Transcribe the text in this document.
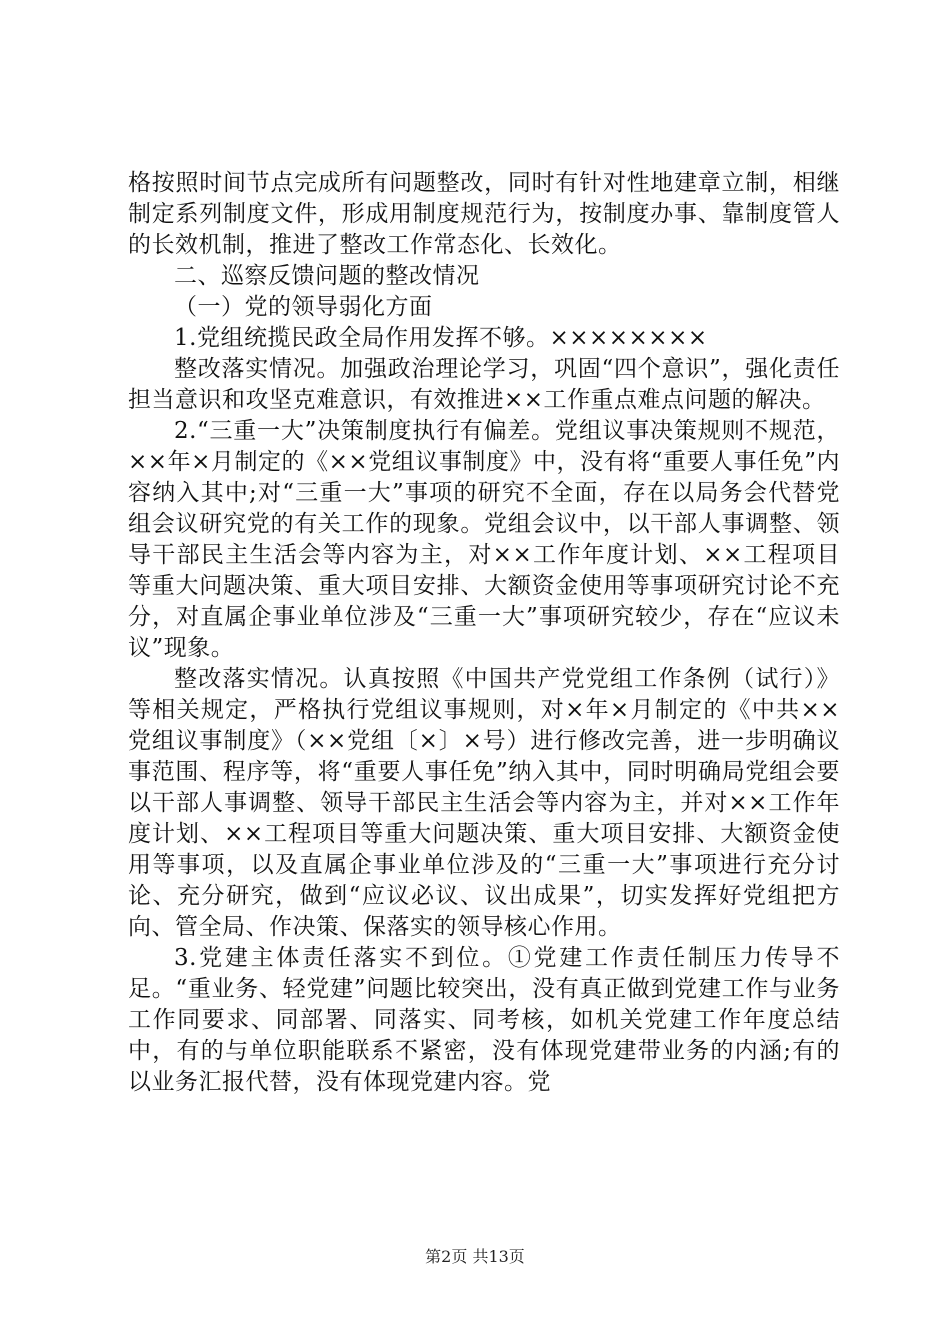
格按照时间节点完成所有问题整改，同时有针对性地建章立制，相继制定系列制度文件，形成用制度规范行为，按制度办事、靠制度管人的长效机制，推进了整改工作常态化、长效化。

二、巡察反馈问题的整改情况

（一）党的领导弱化方面

1.党组统揽民政全局作用发挥不够。××××××××

整改落实情况。加强政治理论学习，巩固“四个意识”，强化责任担当意识和攻坚克难意识，有效推进××工作重点难点问题的解决。

2.“三重一大”决策制度执行有偏差。党组议事决策规则不规范，××年×月制定的《××党组议事制度》中，没有将“重要人事任免”内容纳入其中;对“三重一大”事项的研究不全面，存在以局务会代替党组会议研究党的有关工作的现象。党组会议中，以干部人事调整、领导干部民主生活会等内容为主，对××工作年度计划、××工程项目等重大问题决策、重大项目安排、大额资金使用等事项研究讨论不充分，对直属企事业单位涉及“三重一大”事项研究较少，存在“应议未议”现象。

整改落实情况。认真按照《中国共产党党组工作条例（试行）》等相关规定，严格执行党组议事规则，对×年×月制定的《中共××党组议事制度》（××党组〔×〕×号）进行修改完善，进一步明确议事范围、程序等，将“重要人事任免”纳入其中，同时明确局党组会要以干部人事调整、领导干部民主生活会等内容为主，并对××工作年度计划、××工程项目等重大问题决策、重大项目安排、大额资金使用等事项，以及直属企事业单位涉及的“三重一大”事项进行充分讨论、充分研究，做到“应议必议、议出成果”，切实发挥好党组把方向、管全局、作决策、保落实的领导核心作用。

3.党建主体责任落实不到位。①党建工作责任制压力传导不足。“重业务、轻党建”问题比较突出，没有真正做到党建工作与业务工作同要求、同部署、同落实、同考核，如机关党建工作年度总结中，有的与单位职能联系不紧密，没有体现党建带业务的内涵;有的以业务汇报代替，没有体现党建内容。党

第2页 共13页
